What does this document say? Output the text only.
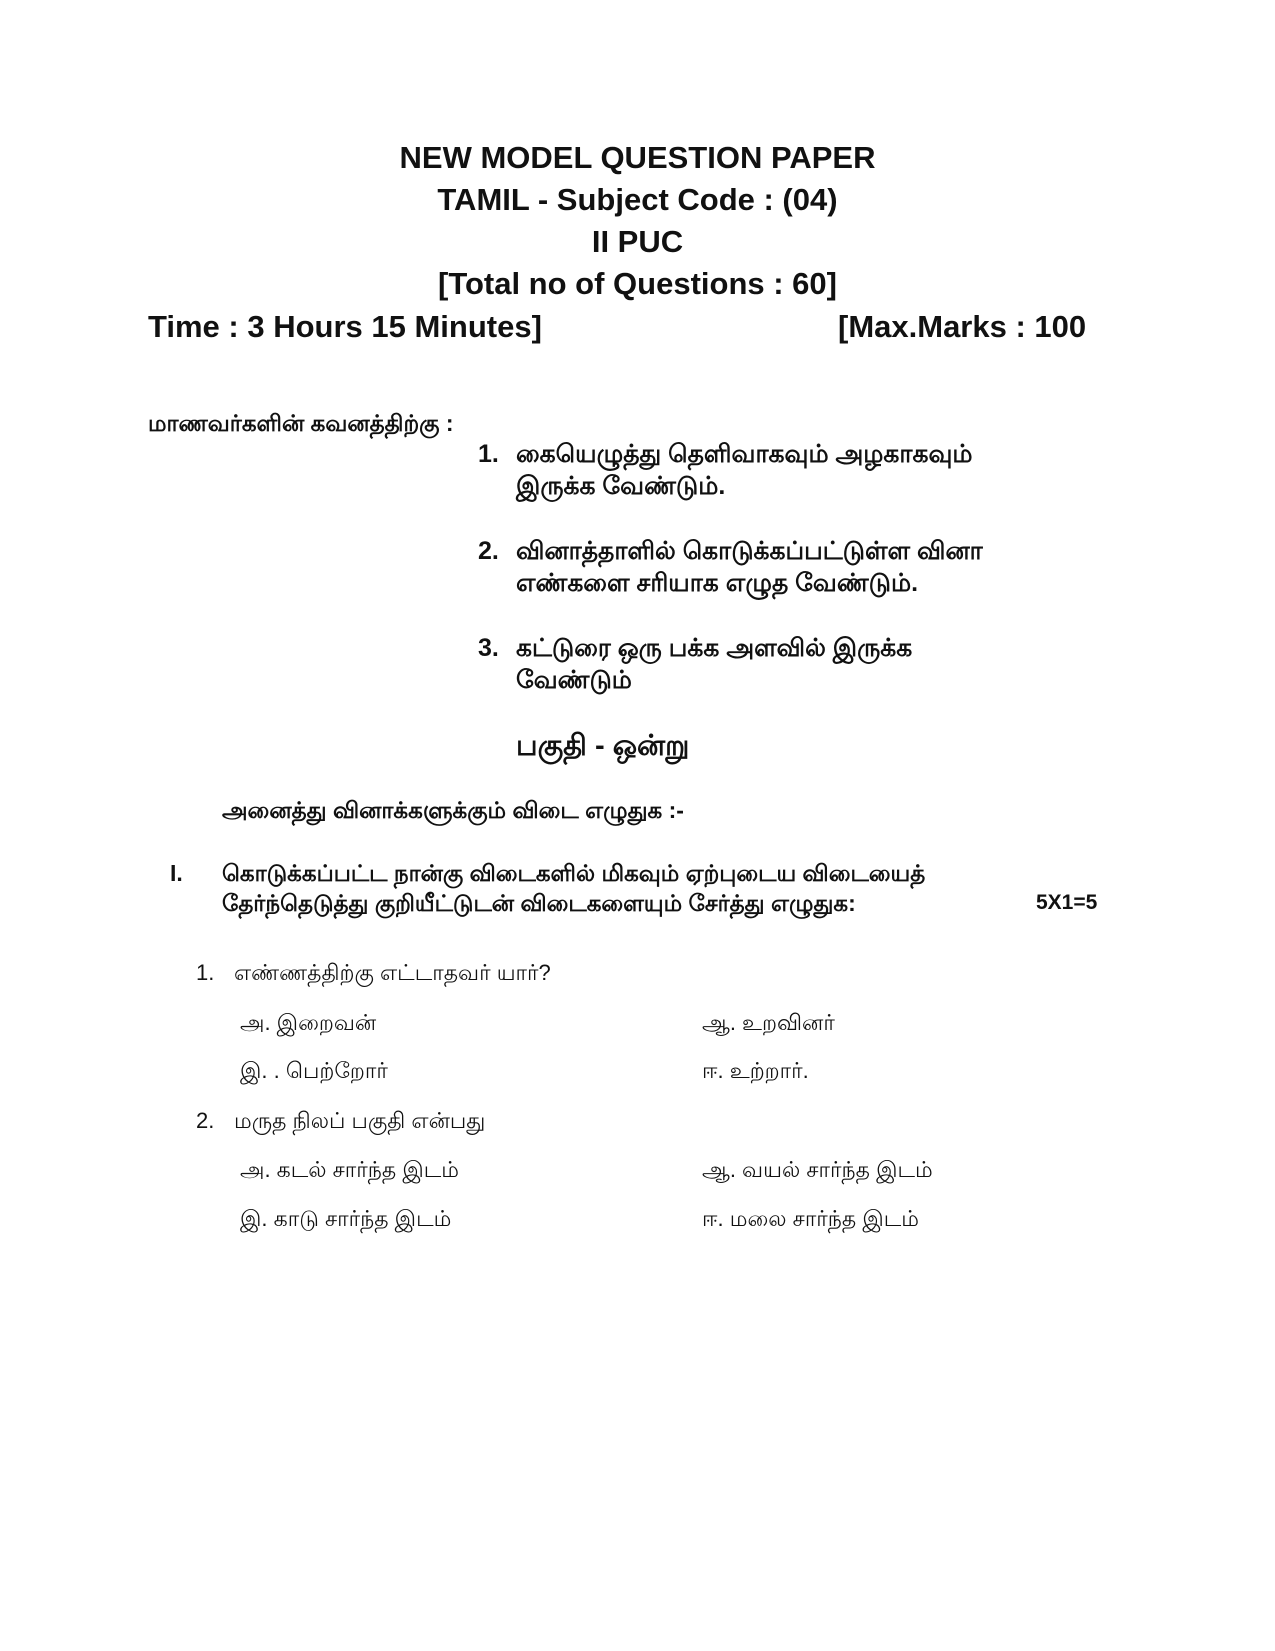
NEW MODEL QUESTION PAPER
TAMIL - Subject Code : (04)
II PUC
[Total no of Questions : 60]
Time : 3 Hours 15 Minutes]	[Max.Marks : 100
மாணவர்களின் கவனத்திற்கு :
1. கையெழுத்து தெளிவாகவும் அழகாகவும்
இருக்க வேண்டும்.
2. வினாத்தாளில் கொடுக்கப்பட்டுள்ள வினா
எண்களை சரியாக எழுத வேண்டும்.
3. கட்டுரை ஒரு பக்க அளவில் இருக்க
வேண்டும்
பகுதி - ஒன்று
அனைத்து வினாக்களுக்கும் விடை எழுதுக :-
I. கொடுக்கப்பட்ட நான்கு விடைகளில் மிகவும் ஏற்புடைய விடையைத்
தேர்ந்தெடுத்து குறியீட்டுடன் விடைகளையும் சேர்த்து எழுதுக:	5X1=5
1. எண்ணத்திற்கு எட்டாதவர் யார்?
அ. இறைவன்	ஆ. உறவினர்
இ. . பெற்றோர்	ஈ. உற்றார்.
2. மருத நிலப் பகுதி என்பது
அ. கடல் சார்ந்த இடம்	ஆ. வயல் சார்ந்த இடம்
இ. காடு சார்ந்த இடம்	ஈ. மலை சார்ந்த இடம்
